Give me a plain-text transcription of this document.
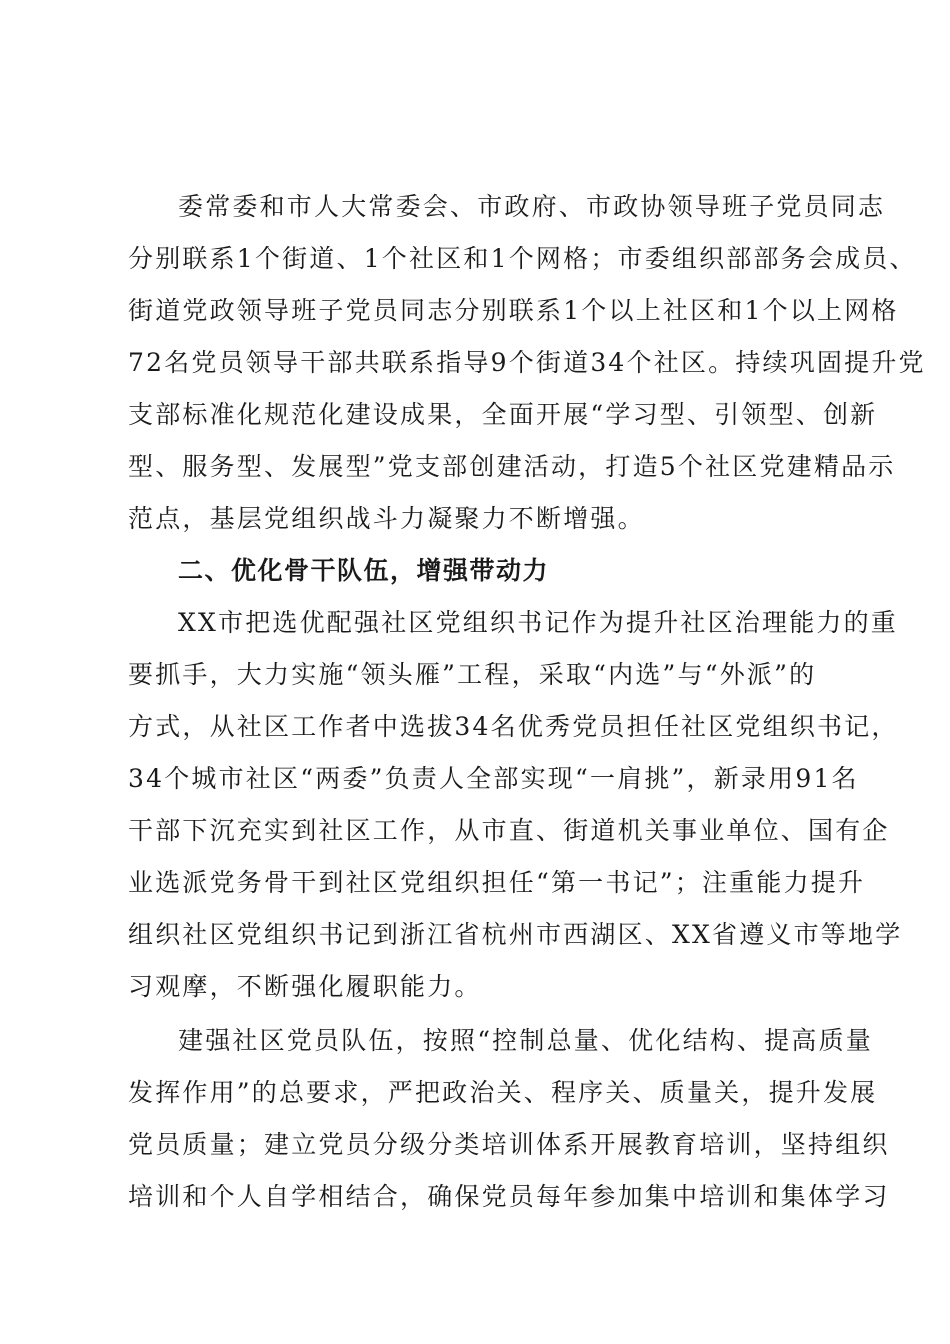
委常委和市人大常委会、市政府、市政协领导班子党员同志
分别联系1个街道、1个社区和1个网格；市委组织部部务会成员、
街道党政领导班子党员同志分别联系1个以上社区和1个以上网格
72名党员领导干部共联系指导9个街道34个社区。持续巩固提升党
支部标准化规范化建设成果，全面开展“学习型、引领型、创新
型、服务型、发展型”党支部创建活动，打造5个社区党建精品示
范点，基层党组织战斗力凝聚力不断增强。
二、优化骨干队伍，增强带动力
XX市把选优配强社区党组织书记作为提升社区治理能力的重
要抓手，大力实施“领头雁”工程，采取“内选”与“外派”的
方式，从社区工作者中选拔34名优秀党员担任社区党组织书记，
34个城市社区“两委”负责人全部实现“一肩挑”，新录用91名
干部下沉充实到社区工作，从市直、街道机关事业单位、国有企
业选派党务骨干到社区党组织担任“第一书记”；注重能力提升
组织社区党组织书记到浙江省杭州市西湖区、XX省遵义市等地学
习观摩，不断强化履职能力。
建强社区党员队伍，按照“控制总量、优化结构、提高质量
发挥作用”的总要求，严把政治关、程序关、质量关，提升发展
党员质量；建立党员分级分类培训体系开展教育培训，坚持组织
培训和个人自学相结合，确保党员每年参加集中培训和集体学习
